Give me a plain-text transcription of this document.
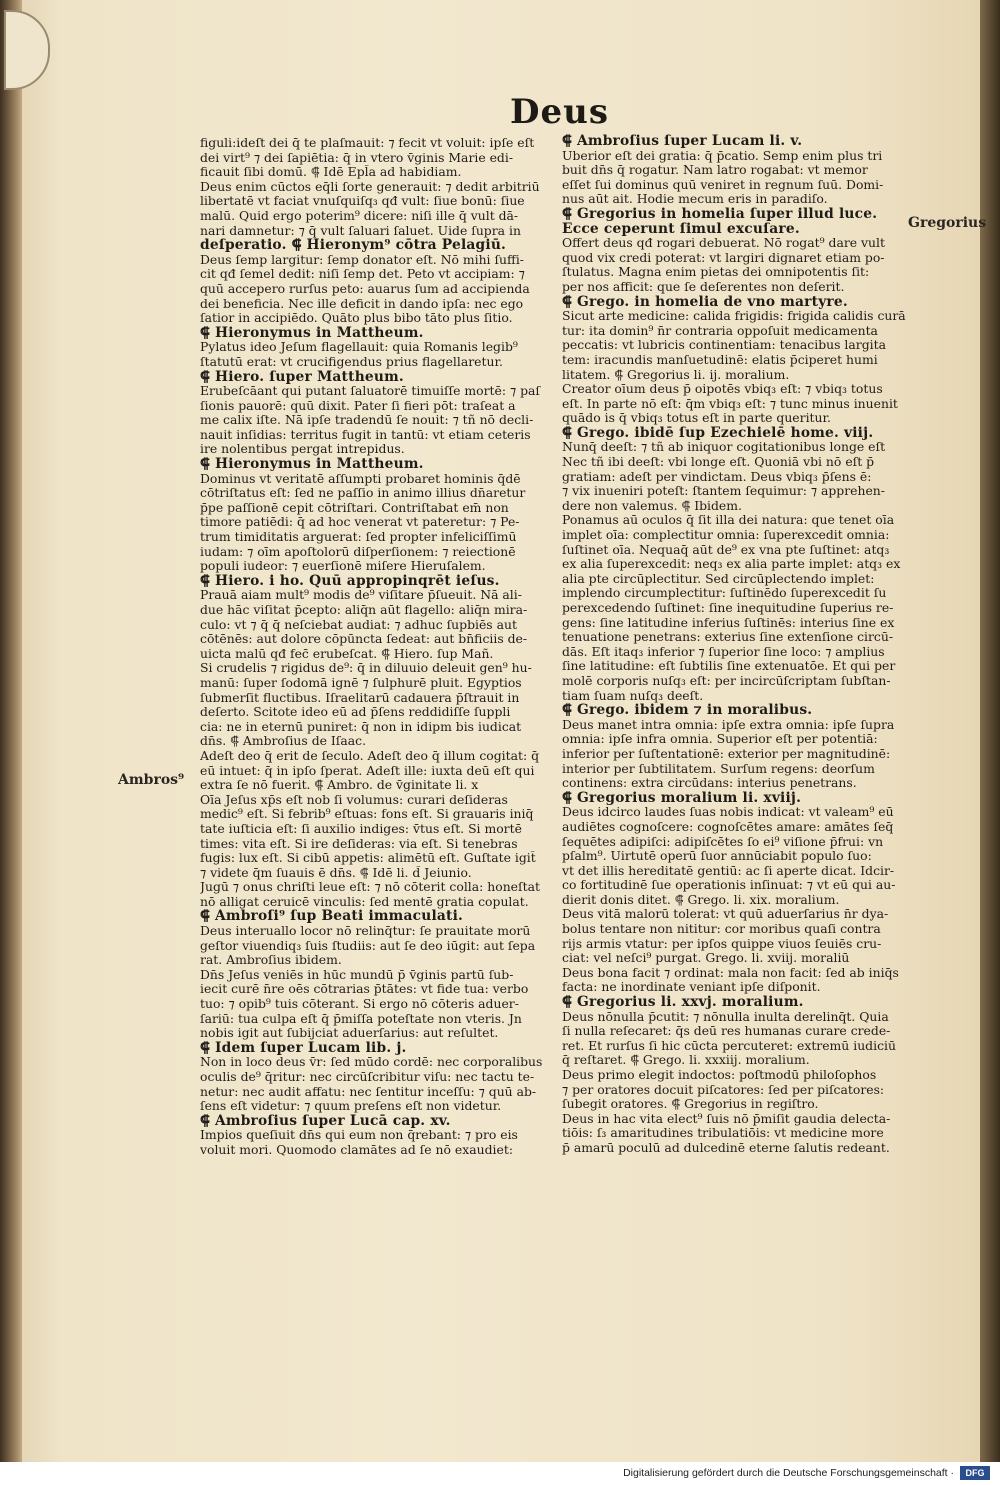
Deus
figuli:ideſt dei q̄ te plaſmauit: ⁊ fecit vt voluit: ipſe eſt
dei virt⁹ ⁊ dei ſapiētia: q̄ in vtero v̄ginis Marie edi‑
ficauit ſibi domū. ⸿ Idē Epl̄a ad habidiam.
Deus enim cūctos eq̄li ſorte generauit: ⁊ dedit arbitriū
libertatē vt faciat vnuſquiſq₃ qđ vult: ſiue bonū: ſiue
malū. Quid ergo poterim⁹ dicere: niſi ille q̄ vult dā‑
nari damnetur: ⁊ q̄ vult ſaluari ſaluet. Uide ſupra in
deſperatio. ⸿ Hieronym⁹ cōtra Pelagiū.
Deus ſemp largitur: ſemp donator eſt. Nō mihi ſuffi‑
cit qđ ſemel dedit: niſi ſemp det. Peto vt accipiam: ⁊
quū accepero rurſus peto: auarus ſum ad accipienda
dei beneficia. Nec ille deficit in dando ipſa: nec ego
ſatior in accipiēdo. Quāto plus bibo tāto plus ſitio.
⸿ Hieronymus in Mattheum.
Pylatus ideo Jeſum flagellauit: quia Romanis legib⁹
ſtatutū erat: vt crucifigendus prius flagellaretur.
⸿ Hiero. ſuper Mattheum.
Erubeſcāant qui putant ſaluatorē timuiſſe mortē: ⁊ paſ
ſionis pauorē: quū dixit. Pater ſi fieri pōt: traſeat a
me calix iſte. Nā ipſe tradendū ſe nouit: ⁊ tñ nō decli‑
nauit inſidias: territus fugit in tantū: vt etiam ceteris
ire nolentibus pergat intrepidus.
⸿ Hieronymus in Mattheum.
Dominus vt veritatē aſſumpti probaret hominis q̄dē
cōtriſtatus eſt: ſed ne paſſio in animo illius dn̄aretur
p̄pe paſſionē cepit cōtriſtari. Contriſtabat em̄ non
timore patiēdi: q̄ ad hoc venerat vt pateretur: ⁊ Pe‑
trum timiditatis argueratː ſed propter infeliciſſimū
iudam: ⁊ oīm apoſtolorū diſperſionem: ⁊ reiectionē
populi iudeor: ⁊ euerſionē miſere Hieruſalem.
⸿ Hiero. i ho. Quū appropinqrēt ieſus.
Prauā aiam mult⁹ modis de⁹ viſitare p̄ſueuit. Nā ali‑
due hāc viſitat p̄cepto: aliq̄n aūt flagello: aliq̄n mira‑
culo: vt ⁊ q̄ q̄ neſciebat audiat: ⁊ adhuc ſupbiēs aut
cōtēnēs: aut dolore cōpūncta ſedeat: aut bn̄ficiis de‑
uicta malū qđ fec̄ erubeſcat. ⸿ Hiero. ſup Mañ.
Si crudelis ⁊ rigidus de⁹: q̄ in diluuio deleuit gen⁹ hu‑
manū: ſuper ſodomā ignē ⁊ ſulphurē pluit. Egyptios
ſubmerſit fluctibus. Iſraelitarū cadauera p̄ſtrauit in
deſerto. Scitote ideo eū ad p̄ſens reddidiſſe ſuppli
cia: ne in eternū puniret: q̄ non in idipm bis iudicat
dn̄s. ⸿ Ambroſius de Iſaac.
Adeſt deo q̄ erit de ſeculo. Adeſt deo q̄ illum cogitat: q̄
eū intuet: q̄ in ipſo ſperat. Adeſt ille: iuxta deū eſt qui
extra ſe nō fuerit. ⸿ Ambro. de v̄ginitate li. x
Oīa Jeſus xp̄s eſt nob ſi volumus: curari deſideras
medic⁹ eſt. Si febrib⁹ eſtuas: fons eſt. Si grauaris iniq̄
tate iuſticia eſt: ſi auxilio indiges: v̄tus eſt. Si mortē
times: vita eſt. Si ire deſideras: via eſt. Si tenebras
fugis: lux eſt. Si cibū appetis: alimētū eſt. Guſtate igit̄
⁊ videte q̄m ſuauis ē dn̄s. ⸿ Idē li. d̄ Jeiunio.
Jugū ⁊ onus chriſti leue eſt: ⁊ nō cōterit colla: honeſtat
nō alligat ceruicē vinculis: ſed mentē gratia copulat.
⸿ Ambroſi⁹ ſup Beati immaculati.
Deus interuallo locor nō relinq̄tur: ſe prauitate morū
geſtor viuendiq₃ ſuis ſtudiis: aut ſe deo iūgit: aut ſepa
rat. Ambroſius ibidem.
Dn̄s Jeſus veniēs in hūc mundū p̄ v̄ginis partū ſub‑
iecit curē n̄re oēs cōtrarias p̄tātes: vt fide tua: verbo
tuo: ⁊ opib⁹ tuis cōterant. Si ergo nō cōteris aduer‑
ſariū: tua culpa eſt q̄ p̄miſſa poteſtate non vteris. Jn
nobis igit aut ſubijciat aduerſarius: aut reſultet.
⸿ Idem ſuper Lucam lib. j.
Non in loco deus v̄r: ſed mūdo cordē: nec corporalibus
oculis de⁹ q̄ritur: nec circūſcribitur viſu: nec tactu te‑
netur: nec audit affatu: nec ſentitur inceſſu: ⁊ quū ab‑
ſens eſt videtur: ⁊ quum preſens eſt non videtur.
⸿ Ambroſius ſuper Lucā cap. xv.
Impios queſiuit dn̄s qui eum non q̄rebant: ⁊ pro eis
voluit mori. Quomodo clamātes ad ſe nō exaudiet:
⸿ Ambroſius ſuper Lucam li. v.
Uberior eſt dei gratia: q̄ p̄catio. Semp enim plus tri
buit dn̄s q̄ rogatur. Nam latro rogabat: vt memor
eſſet ſui dominus quū veniret in regnum ſuū. Domi‑
nus aūt ait. Hodie mecum eris in paradiſo.
⸿ Gregorius in homelia ſuper illud luce.
Ecce ceperunt ſimul excuſare.
Offert deus qđ rogari debuerat. Nō rogat⁹ dare vult
quod vix credi poterat: vt largiri dignaret etiam po‑
ſtulatus. Magna enim pietas dei omnipotentis ſit:
per nos afficit: que ſe deſerentes non deſerit.
⸿ Grego. in homelia de vno martyre.
Sicut arte medicine: calida frigidis: frigida calidis curā
tur: ita domin⁹ n̄r contraria oppoſuit medicamenta
peccatis: vt lubricis continentiam: tenacibus largita
tem: iracundis manſuetudinē: elatis p̄ciperet humi
litatem. ⸿ Gregorius li. ij. moralium.
Creator oīum deus p̄ oipotēs vbiq₃ eſt: ⁊ vbiq₃ totus
eſt. In parte nō eſt: q̄m vbiq₃ eſt: ⁊ tunc minus inuenit
quādo is q̄ vbiq₃ totus eſt in parte queritur.
⸿ Grego. ibidē ſup Ezechielē home. viij.
Nunq̄ deeſt: ⁊ tñ ab iniquor cogitationibus longe eſt
Nec tñ ibi deeſt: vbi longe eſt. Quoniā vbi nō eſt p̄
gratiam: adeſt per vindictam. Deus vbiq₃ p̄ſens ē:
⁊ vix inueniri poteſt: ſtantem ſequimur: ⁊ apprehen‑
dere non valemus. ⸿ Ibidem.
Ponamus aū oculos q̄ ſit illa dei natura: que tenet oīa
implet oīa: complectitur omnia: ſuperexcedit omnia:
ſuſtinet oīa. Nequaq̄ aūt de⁹ ex vna pte ſuſtinet: atq₃
ex alia ſuperexcedit: neq₃ ex alia parte implet: atq₃ ex
alia pte circūplectitur. Sed circūplectendo implet:
implendo circumplectitur: ſuſtinēdo ſuperexcedit ſu
perexcedendo ſuſtinet: ſine inequitudine ſuperius re‑
gens: ſine latitudine inferius ſuſtinēs: interius ſine ex
tenuatione penetrans: exterius ſine extenſione circū‑
dās. Eſt itaq₃ inferior ⁊ ſuperior ſine loco: ⁊ amplius
ſine latitudine: eſt ſubtilis ſine extenuatōe. Et qui per
molē corporis nuſq₃ eſt: per incircūſcriptam ſubſtan‑
tiam ſuam nuſq₃ deeſt.
⸿ Grego. ibidem ⁊ in moralibus.
Deus manet intra omnia: ipſe extra omnia: ipſe ſupra
omnia: ipſe infra omnia. Superior eſt per potentiā:
inferior per ſuſtentationē: exterior per magnitudinē:
interior per ſubtilitatem. Surſum regens: deorſum
continens: extra circūdans: interius penetrans.
⸿ Gregorius moralium li. xviij.
Deus idcirco laudes ſuas nobis indicat: vt valeam⁹ eū
audiētes cognoſcere: cognoſcētes amare: amātes ſeq̄
ſequētes adipiſci: adipiſcētes ſo ei⁹ viſione p̄frui: vn
pſalm⁹. Uirtutē operū ſuor annūciabit populo ſuo:
vt det illis hereditatē gentiū: ac ſi aperte dicat. Idcir‑
co fortitudinē ſue operationis inſinuat: ⁊ vt eū qui au‑
dierit donis ditet. ⸿ Grego. li. xix. moralium.
Deus vitā malorū tolerat: vt quū aduerſarius n̄r dya‑
bolus tentare non nititur: cor moribus quaſi contra
rijs armis vtatur: per ipſos quippe viuos ſeuiēs cru‑
ciat: vel neſci⁹ purgat. Grego. li. xviij. moraliū
Deus bona facit ⁊ ordinat: mala non facit: ſed ab iniq̄s
facta: ne inordinate veniant ipſe diſponit.
⸿ Gregorius li. xxvj. moralium.
Deus nōnulla p̄cutit: ⁊ nōnulla inulta derelinq̄t. Quia
ſi nulla reſecaret: q̄s deū res humanas curare crede‑
ret. Et rurſus ſi hic cūcta percuteret: extremū iudiciū
q̄ reſtaret. ⸿ Grego. li. xxxiij. moralium.
Deus primo elegit indoctos: poſtmodū philoſophos
⁊ per oratores docuit piſcatores: ſed per piſcatores:
ſubegit oratores. ⸿ Gregorius in regiſtro.
Deus in hac vita elect⁹ ſuis nō p̄miſit gaudia delecta‑
tiōis: ſ₃ amaritudines tribulatiōis: vt medicine more
p̄ amarū poculū ad dulcedinē eterne ſalutis redeant.
Gregorius
Ambros⁹
Digitalisierung gefördert durch die Deutsche Forschungsgemeinschaft ·	DFG
